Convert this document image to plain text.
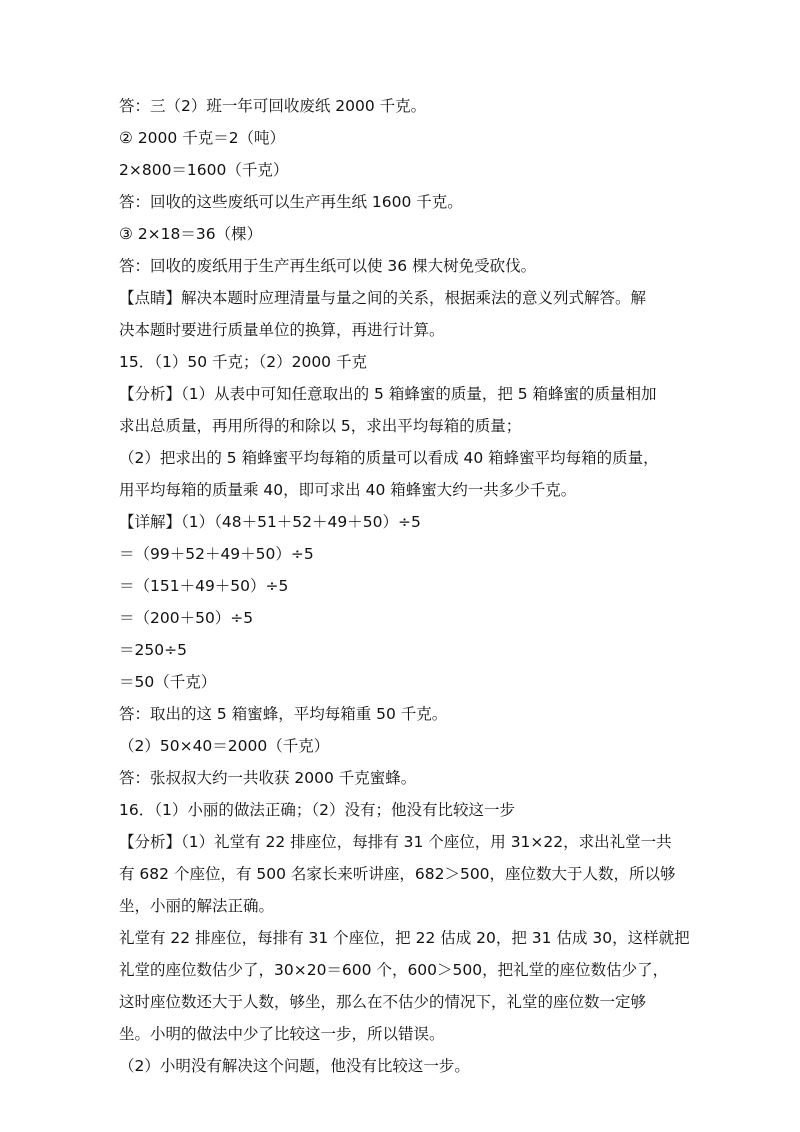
答：三（2）班一年可回收废纸 2000 千克。
② 2000 千克＝2（吨）
2×800＝1600（千克）
答：回收的这些废纸可以生产再生纸 1600 千克。
③ 2×18＝36（棵）
答：回收的废纸用于生产再生纸可以使 36 棵大树免受砍伐。
【点睛】解决本题时应理清量与量之间的关系，根据乘法的意义列式解答。解
决本题时要进行质量单位的换算，再进行计算。
15．（1）50 千克；（2）2000 千克
【分析】（1）从表中可知任意取出的 5 箱蜂蜜的质量，把 5 箱蜂蜜的质量相加
求出总质量，再用所得的和除以 5，求出平均每箱的质量；
（2）把求出的 5 箱蜂蜜平均每箱的质量可以看成 40 箱蜂蜜平均每箱的质量，
用平均每箱的质量乘 40，即可求出 40 箱蜂蜜大约一共多少千克。
【详解】（1）（48＋51＋52＋49＋50）÷5
＝（99＋52＋49＋50）÷5
＝（151＋49＋50）÷5
＝（200＋50）÷5
＝250÷5
＝50（千克）
答：取出的这 5 箱蜜蜂，平均每箱重 50 千克。
（2）50×40＝2000（千克）
答：张叔叔大约一共收获 2000 千克蜜蜂。
16．（1）小丽的做法正确；（2）没有；他没有比较这一步
【分析】（1）礼堂有 22 排座位，每排有 31 个座位，用 31×22，求出礼堂一共
有 682 个座位，有 500 名家长来听讲座，682＞500，座位数大于人数，所以够
坐，小丽的解法正确。
礼堂有 22 排座位，每排有 31 个座位，把 22 估成 20，把 31 估成 30，这样就把
礼堂的座位数估少了，30×20＝600 个，600＞500，把礼堂的座位数估少了，
这时座位数还大于人数，够坐，那么在不估少的情况下，礼堂的座位数一定够
坐。小明的做法中少了比较这一步，所以错误。
（2）小明没有解决这个问题，他没有比较这一步。
